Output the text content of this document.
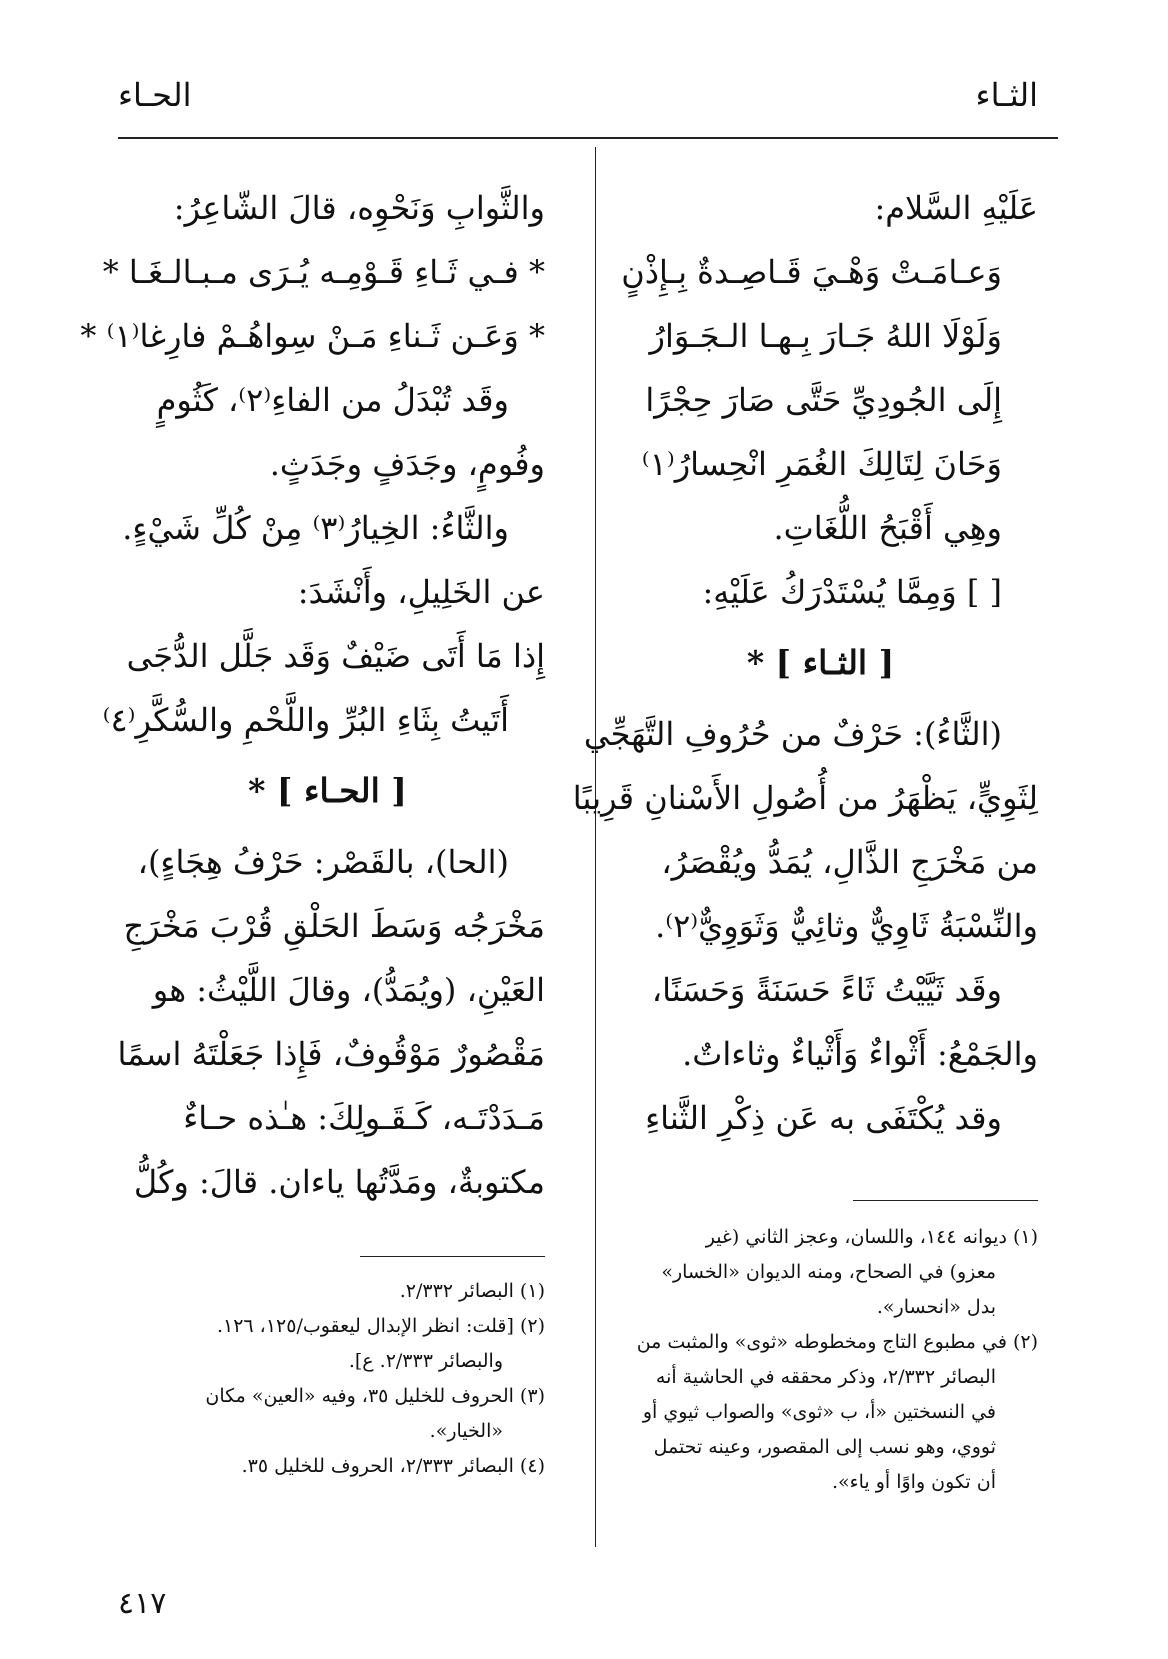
الثـاء
الحـاء
عَلَيْهِ السَّلام:
وَعـامَـتْ وَهْـيَ قَـاصِـدةٌ بِـإِذْنٍ
وَلَوْلَا اللهُ جَـارَ بِـهـا الـجَـوَارُ
إِلَى الجُودِيِّ حَتَّى صَارَ حِجْرًا
وَحَانَ لِتَالِكَ الغُمَرِ انْحِسارُ⁽١⁾
وهِي أَقْبَحُ اللُّغَاتِ.
[ ] وَمِمَّا يُسْتَدْرَكُ عَلَيْهِ:
[ الثـاء ] *
(الثَّاءُ): حَرْفٌ من حُرُوفِ التَّهَجِّي
لِثَوِيٍّ، يَظْهَرُ من أُصُولِ الأَسْنانِ قَرِيبًا
من مَخْرَجِ الذَّالِ، يُمَدُّ ويُقْصَرُ،
والنِّسْبَةُ ثَاوِيٌّ وثائِيٌّ وَثَوَوِيٌّ⁽٢⁾.
وقَد ثَيَّيْتُ ثَاءً حَسَنَةً وَحَسَنًا،
والجَمْعُ: أَثْواءٌ وَأَثْياءٌ وثاءاتٌ.
وقد يُكْتَفَى به عَن ذِكْرِ الثَّناءِ
(١) ديوانه ١٤٤، واللسان، وعجز الثاني (غير
معزو) في الصحاح، ومنه الديوان «الخسار»
بدل «انحسار».
(٢) في مطبوع التاج ومخطوطه «ثوى» والمثبت من
البصائر ٢/٣٣٢، وذكر محققه في الحاشية أنه
في النسختين «أ، ب «ثوى» والصواب ثيوي أو
ثووي، وهو نسب إلى المقصور، وعينه تحتمل
أن تكون واوًا أو ياء».
والثَّوابِ وَنَحْوِه، قالَ الشّاعِرُ:
* فـي ثَـاءِ قَـوْمِـه يُـرَى مـبـالـغَـا *
* وَعَـن ثَـناءِ مَـنْ سِواهُـمْ فارِغا⁽١⁾ *
وقَد تُبْدَلُ من الفاءِ⁽٢⁾، كَثُومٍ
وفُومٍ، وجَدَفٍ وجَدَثٍ.
والثَّاءُ: الخِيارُ⁽٣⁾ مِنْ كُلِّ شَيْءٍ.
عن الخَلِيلِ، وأَنْشَدَ:
إِذا مَا أَتَى ضَيْفٌ وَقَد جَلَّل الدُّجَى
أَتَيتُ بِثَاءِ البُرِّ واللَّحْمِ والسُّكَّرِ⁽٤⁾
[ الحـاء ] *
(الحا)، بالقَصْر: حَرْفُ هِجَاءٍ)،
مَخْرَجُه وَسَطَ الحَلْقِ قُرْبَ مَخْرَجِ
العَيْنِ، (ويُمَدُّ)، وقالَ اللَّيْثُ: هو
مَقْصُورٌ مَوْقُوفٌ، فَإِذا جَعَلْتَهُ اسمًا
مَـدَدْتَـه، كَـقَـولِكَ: هـٰذه حـاءٌ
مكتوبةٌ، ومَدَّتُها ياءان. قالَ: وكُلُّ
(١) البصائر ٢/٣٣٢.
(٢) [قلت: انظر الإبدال ليعقوب/١٢٥، ١٢٦.
والبصائر ٢/٣٣٣. ع].
(٣) الحروف للخليل ٣٥، وفيه «العين» مكان
«الخيار».
(٤) البصائر ٢/٣٣٣، الحروف للخليل ٣٥.
٤١٧
